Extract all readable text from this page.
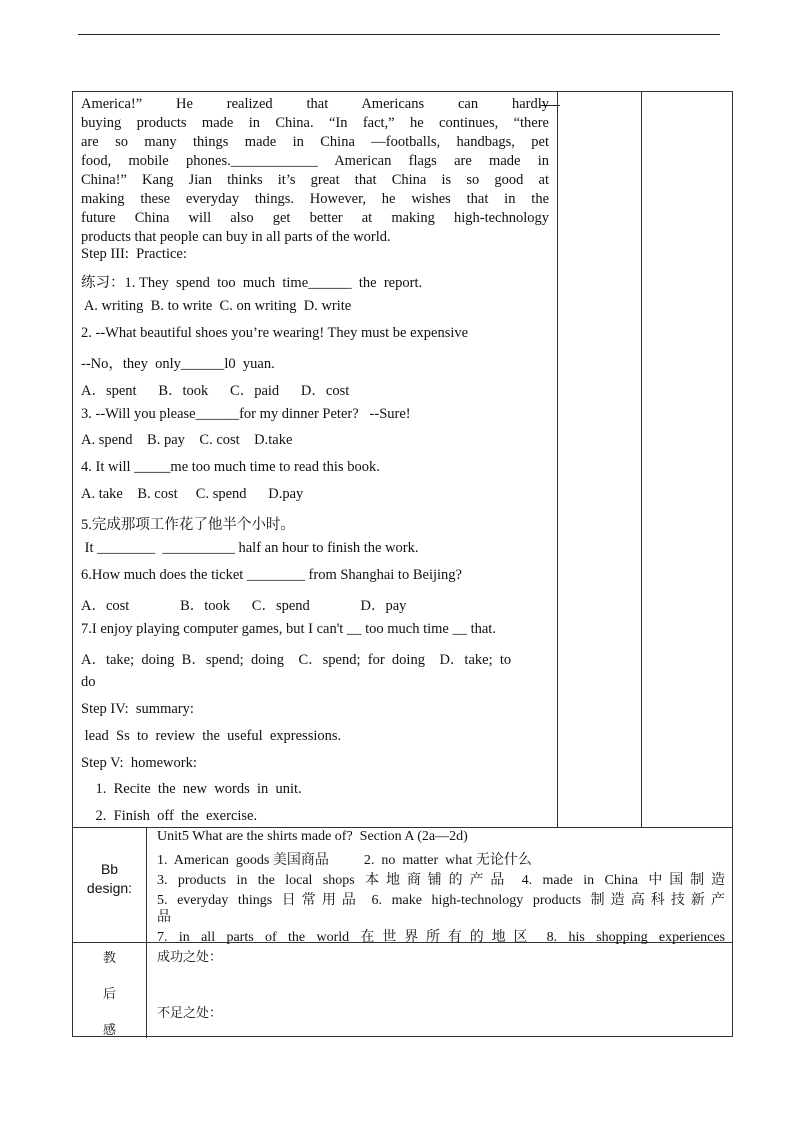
America!” He realized that Americans can hardly
buying products made in China. “In fact,” he continues, “there
are so many things made in China —footballs, handbags, pet
food, mobile phones.____________ American flags are made in
China!” Kang Jian thinks it’s great that China is so good at
making these everyday things. However, he wishes that in the
future China will also get better at making high-technology
products that people can buy in all parts of the world.
Step III:  Practice:
练习：1. They  spend  too  much  time______  the  report.
A. writing  B. to write  C. on writing  D. write
2. --What beautiful shoes you’re wearing! They must be expensive
--No，they  only______l0  yuan.
A．spent      B．took      C．paid      D．cost
3. --Will you please______for my dinner Peter?   --Sure!
A. spend    B. pay    C. cost    D.take
4. It will _____me too much time to read this book.
A. take    B. cost     C. spend      D.pay
5.完成那项工作花了他半个小时。
It ________  __________ half an hour to finish the work.
6.How much does the ticket ________ from Shanghai to Beijing?
A．cost              B．took      C．spend              D．pay
7.I enjoy playing computer games, but I can't __ too much time __ that.
A．take;  doing  B．spend;  doing    C．spend;  for  doing    D．take;  to
do
Step IV:  summary:
lead  Ss  to  review  the  useful  expressions.
Step V:  homework:
1.  Recite  the  new  words  in  unit.
2.  Finish  off  the  exercise.
Bb
design:
Unit5 What are the shirts made of?  Section A (2a—2d)
1.  American  goods 美国商品          2.  no  matter  what 无论什么
3. products in the local shops 本地商铺的产品 4. made in China 中国制造
5. everyday things 日常用品 6. make high-technology products 制造高科技新产
品
7. in all parts of the world 在世界所有的地区 8. his shopping experiences
教
后
感
成功之处：
不足之处：
